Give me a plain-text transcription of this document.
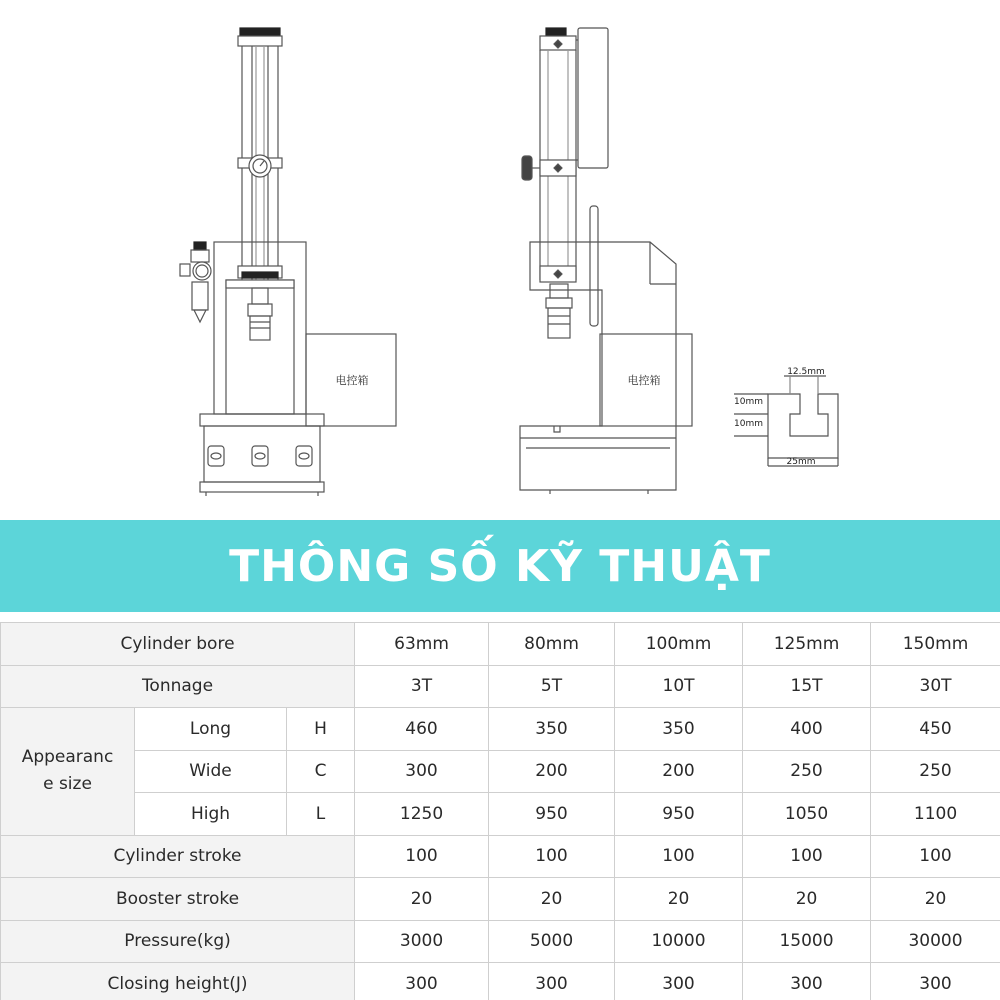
电控箱	电控箱
12.5mm
10mm
10mm
25mm
THÔNG SỐ KỸ THUẬT
Cylinder bore			63mm	80mm	100mm	125mm	150mm
Tonnage			3T	5T	10T	15T	30T
Appearanc e size	Long	H	460	350	350	400	450
	Wide	C	300	200	200	250	250
	High	L	1250	950	950	1050	1100
Cylinder stroke			100	100	100	100	100
Booster stroke			20	20	20	20	20
Pressure(kg)			3000	5000	10000	15000	30000
Closing height(J)			300	300	300	300	300
